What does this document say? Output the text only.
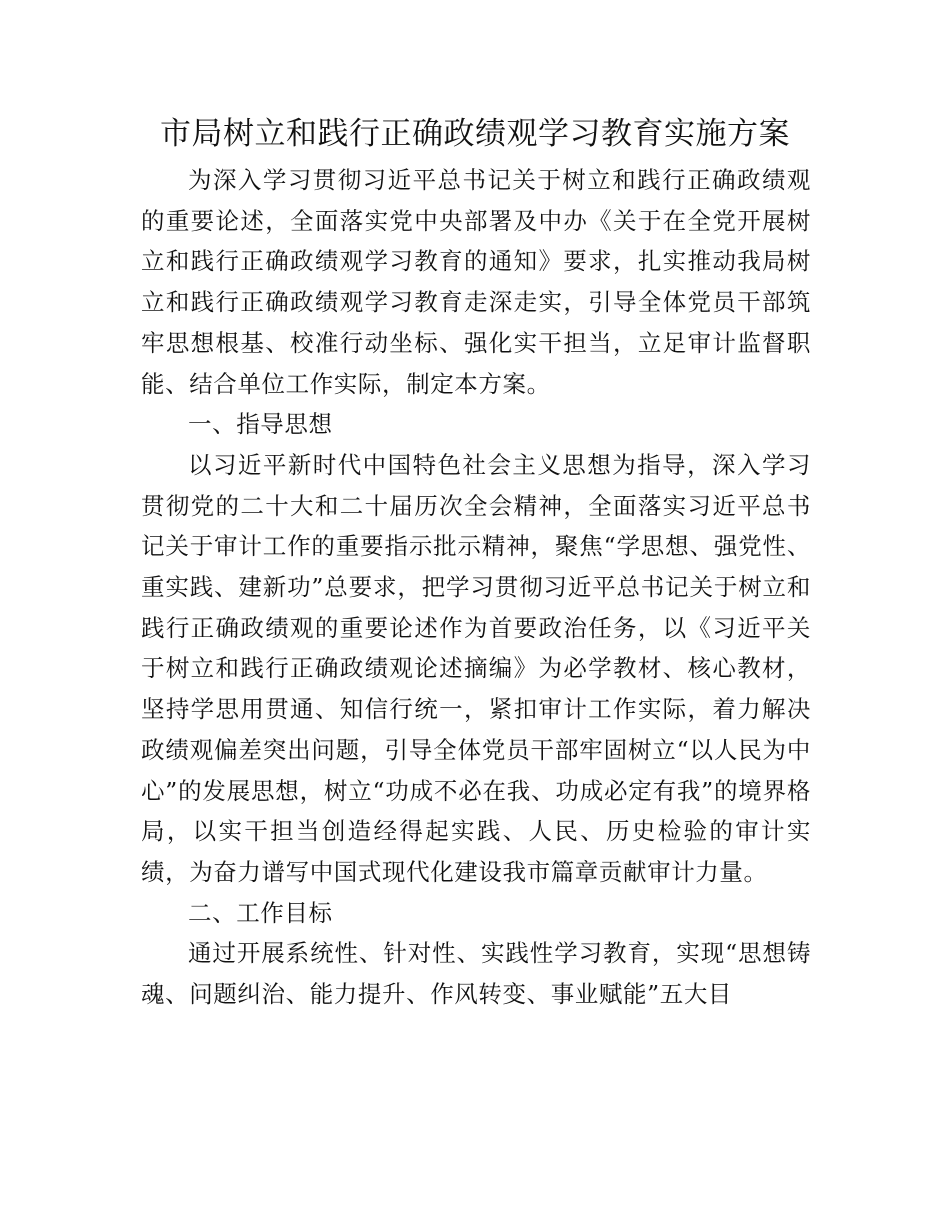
市局树立和践行正确政绩观学习教育实施方案

为深入学习贯彻习近平总书记关于树立和践行正确政绩观的重要论述，全面落实党中央部署及中办《关于在全党开展树立和践行正确政绩观学习教育的通知》要求，扎实推动我局树立和践行正确政绩观学习教育走深走实，引导全体党员干部筑牢思想根基、校准行动坐标、强化实干担当，立足审计监督职能、结合单位工作实际，制定本方案。

一、指导思想

以习近平新时代中国特色社会主义思想为指导，深入学习贯彻党的二十大和二十届历次全会精神，全面落实习近平总书记关于审计工作的重要指示批示精神，聚焦“学思想、强党性、重实践、建新功”总要求，把学习贯彻习近平总书记关于树立和践行正确政绩观的重要论述作为首要政治任务，以《习近平关于树立和践行正确政绩观论述摘编》为必学教材、核心教材，坚持学思用贯通、知信行统一，紧扣审计工作实际，着力解决政绩观偏差突出问题，引导全体党员干部牢固树立“以人民为中心”的发展思想，树立“功成不必在我、功成必定有我”的境界格局，以实干担当创造经得起实践、人民、历史检验的审计实绩，为奋力谱写中国式现代化建设我市篇章贡献审计力量。

二、工作目标

通过开展系统性、针对性、实践性学习教育，实现“思想铸魂、问题纠治、能力提升、作风转变、事业赋能”五大目
